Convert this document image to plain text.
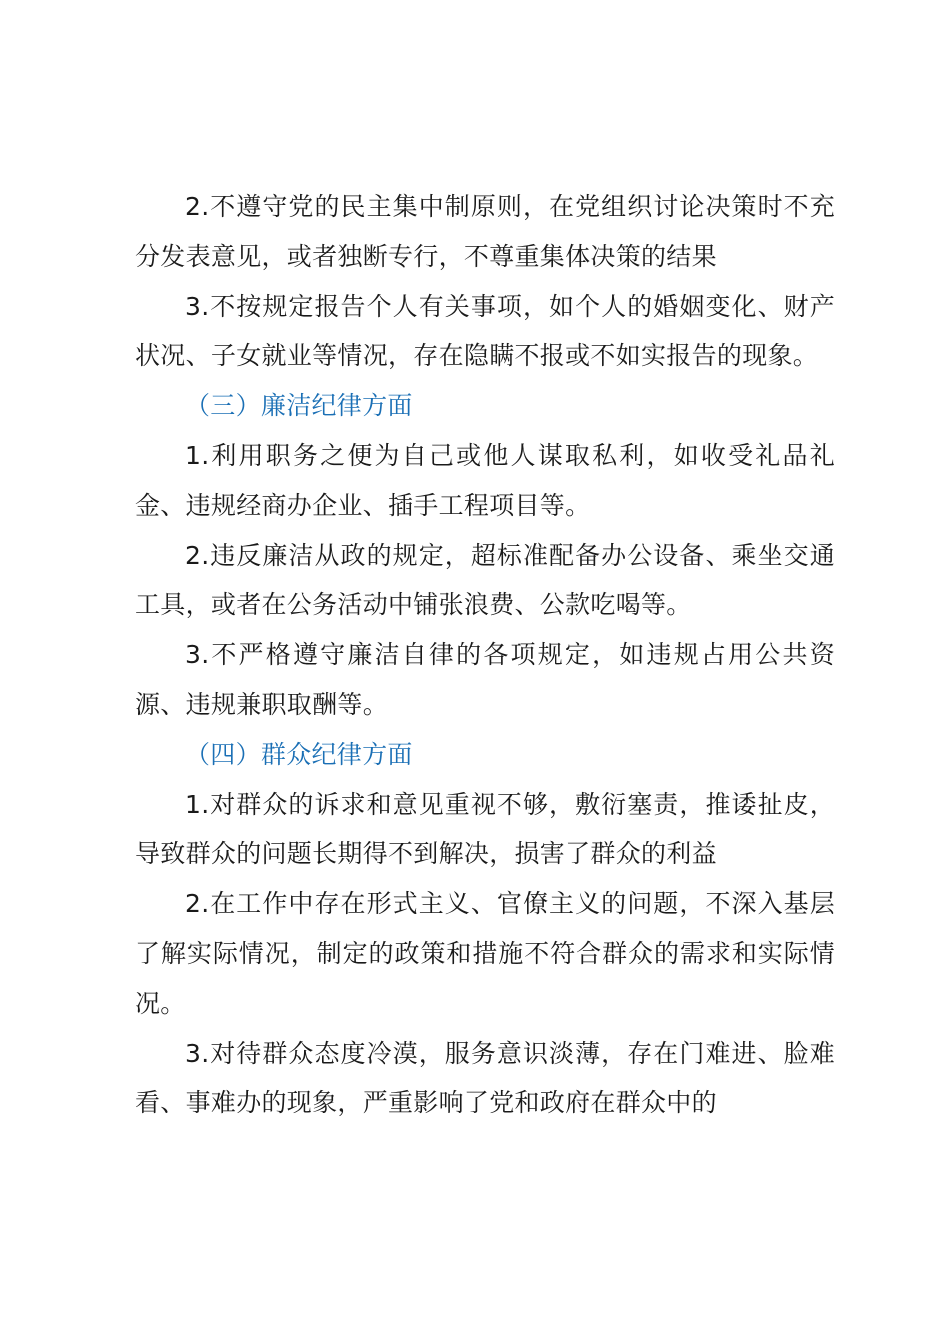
2.不遵守党的民主集中制原则，在党组织讨论决策时不充分发表意见，或者独断专行，不尊重集体决策的结果

3.不按规定报告个人有关事项，如个人的婚姻变化、财产状况、子女就业等情况，存在隐瞒不报或不如实报告的现象。

（三）廉洁纪律方面

1.利用职务之便为自己或他人谋取私利，如收受礼品礼金、违规经商办企业、插手工程项目等。

2.违反廉洁从政的规定，超标准配备办公设备、乘坐交通工具，或者在公务活动中铺张浪费、公款吃喝等。

3.不严格遵守廉洁自律的各项规定，如违规占用公共资源、违规兼职取酬等。

（四）群众纪律方面

1.对群众的诉求和意见重视不够，敷衍塞责，推诿扯皮，导致群众的问题长期得不到解决，损害了群众的利益

2.在工作中存在形式主义、官僚主义的问题，不深入基层了解实际情况，制定的政策和措施不符合群众的需求和实际情况。

3.对待群众态度冷漠，服务意识淡薄，存在门难进、脸难看、事难办的现象，严重影响了党和政府在群众中的
